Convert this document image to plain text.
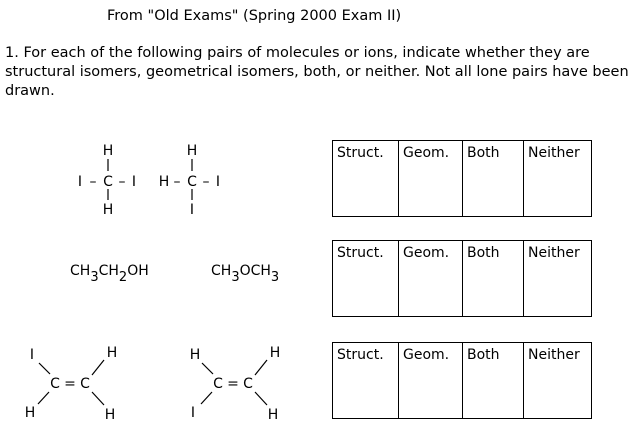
From "Old Exams" (Spring 2000 Exam II)
1. For each of the following pairs of molecules or ions, indicate whether they are structural isomers, geometrical isomers, both, or neither. Not all lone pairs have been drawn.
H
I – C – I
H
H
H – C – I
I
Struct.	Geom.	Both	Neither
$CH_3CH_2OH$	$CH_3OCH_3$
Struct.	Geom.	Both	Neither
I
C = C
H
H	H
H
C = C
H
I	H
Struct.	Geom.	Both	Neither
